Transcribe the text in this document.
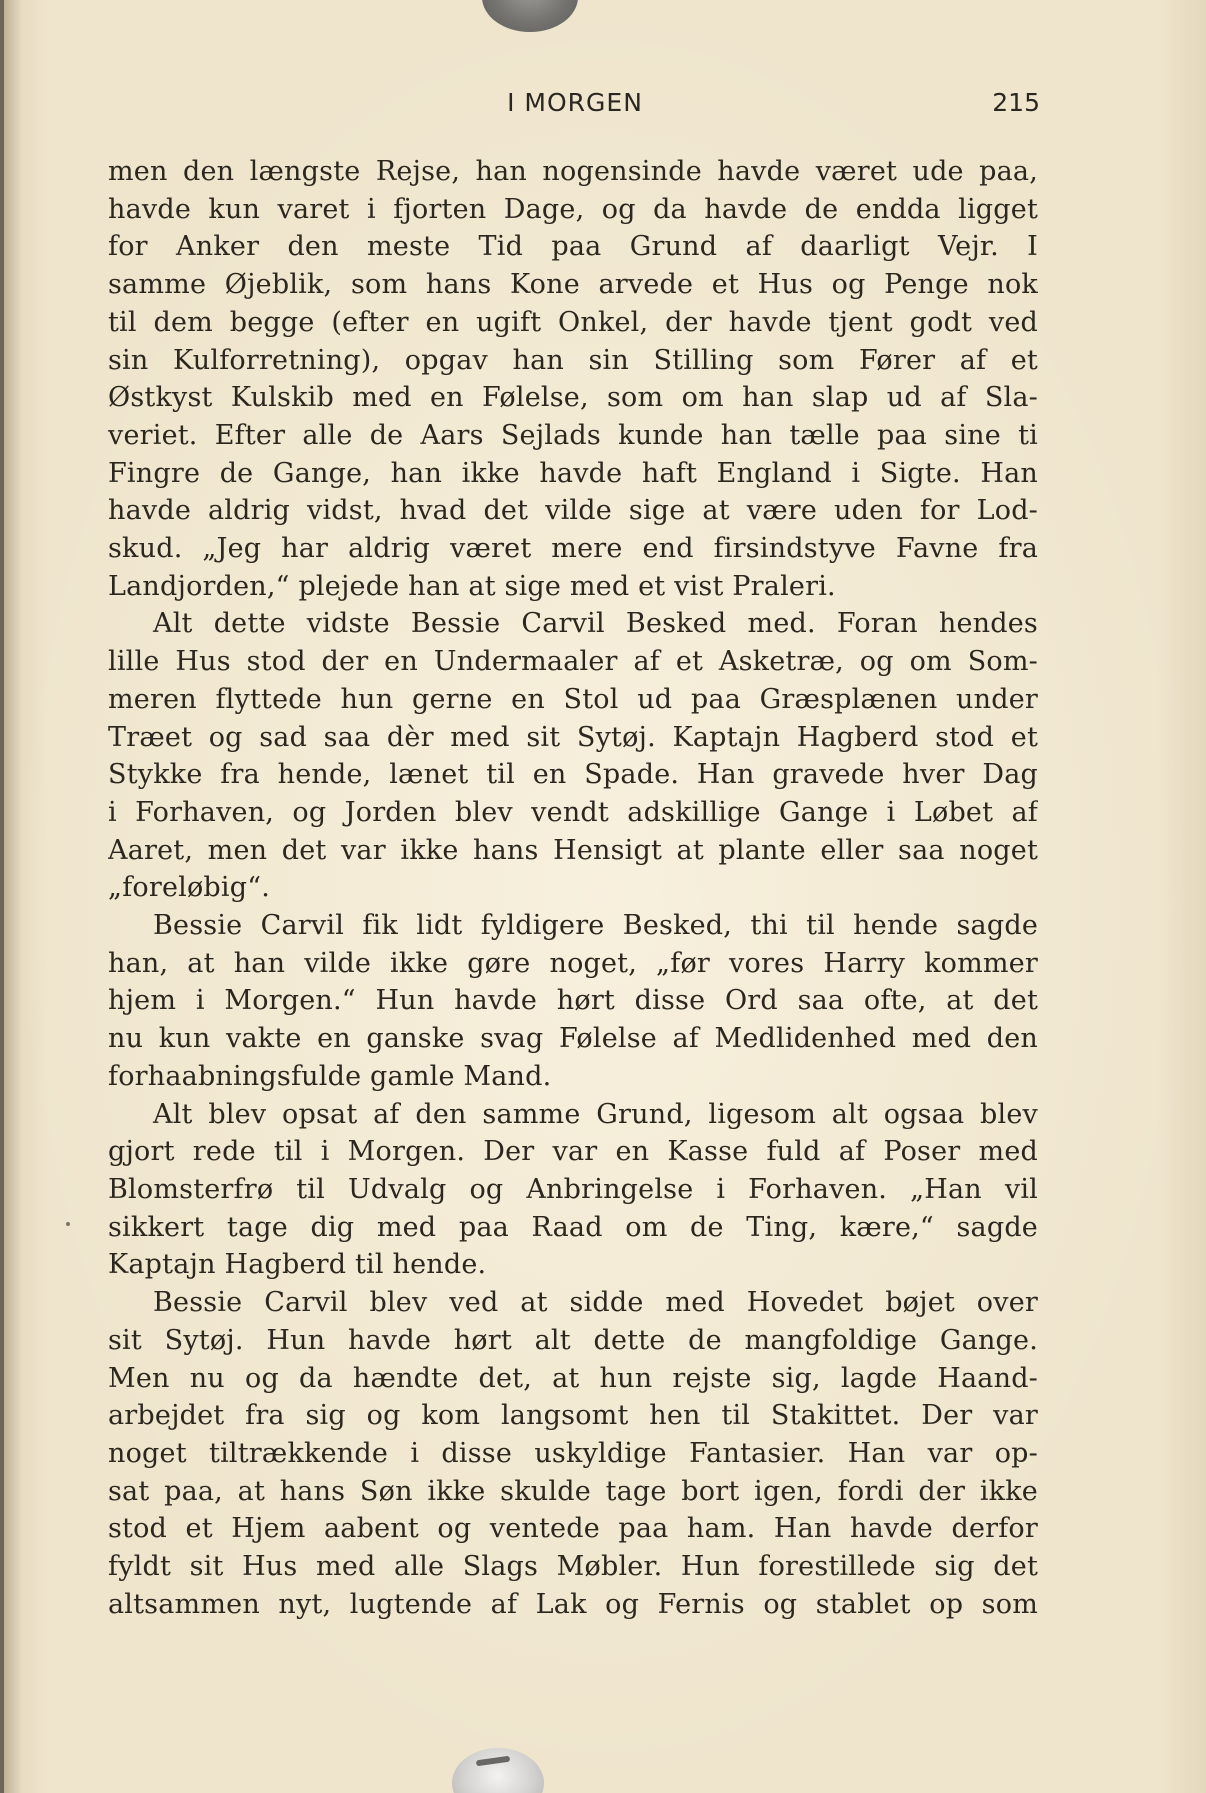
I MORGEN	215
men den længste Rejse, han nogensinde havde været ude paa,
havde kun varet i fjorten Dage, og da havde de endda ligget
for Anker den meste Tid paa Grund af daarligt Vejr. I
samme Øjeblik, som hans Kone arvede et Hus og Penge nok
til dem begge (efter en ugift Onkel, der havde tjent godt ved
sin Kulforretning), opgav han sin Stilling som Fører af et
Østkyst Kulskib med en Følelse, som om han slap ud af Sla-
veriet. Efter alle de Aars Sejlads kunde han tælle paa sine ti
Fingre de Gange, han ikke havde haft England i Sigte. Han
havde aldrig vidst, hvad det vilde sige at være uden for Lod-
skud. „Jeg har aldrig været mere end firsindstyve Favne fra
Landjorden,“ plejede han at sige med et vist Praleri.
Alt dette vidste Bessie Carvil Besked med. Foran hendes
lille Hus stod der en Undermaaler af et Asketræ, og om Som-
meren flyttede hun gerne en Stol ud paa Græsplænen under
Træet og sad saa dèr med sit Sytøj. Kaptajn Hagberd stod et
Stykke fra hende, lænet til en Spade. Han gravede hver Dag
i Forhaven, og Jorden blev vendt adskillige Gange i Løbet af
Aaret, men det var ikke hans Hensigt at plante eller saa noget
„foreløbig“.
Bessie Carvil fik lidt fyldigere Besked, thi til hende sagde
han, at han vilde ikke gøre noget, „før vores Harry kommer
hjem i Morgen.“ Hun havde hørt disse Ord saa ofte, at det
nu kun vakte en ganske svag Følelse af Medlidenhed med den
forhaabningsfulde gamle Mand.
Alt blev opsat af den samme Grund, ligesom alt ogsaa blev
gjort rede til i Morgen. Der var en Kasse fuld af Poser med
Blomsterfrø til Udvalg og Anbringelse i Forhaven. „Han vil
sikkert tage dig med paa Raad om de Ting, kære,“ sagde
Kaptajn Hagberd til hende.
Bessie Carvil blev ved at sidde med Hovedet bøjet over
sit Sytøj. Hun havde hørt alt dette de mangfoldige Gange.
Men nu og da hændte det, at hun rejste sig, lagde Haand-
arbejdet fra sig og kom langsomt hen til Stakittet. Der var
noget tiltrækkende i disse uskyldige Fantasier. Han var op-
sat paa, at hans Søn ikke skulde tage bort igen, fordi der ikke
stod et Hjem aabent og ventede paa ham. Han havde derfor
fyldt sit Hus med alle Slags Møbler. Hun forestillede sig det
altsammen nyt, lugtende af Lak og Fernis og stablet op som
